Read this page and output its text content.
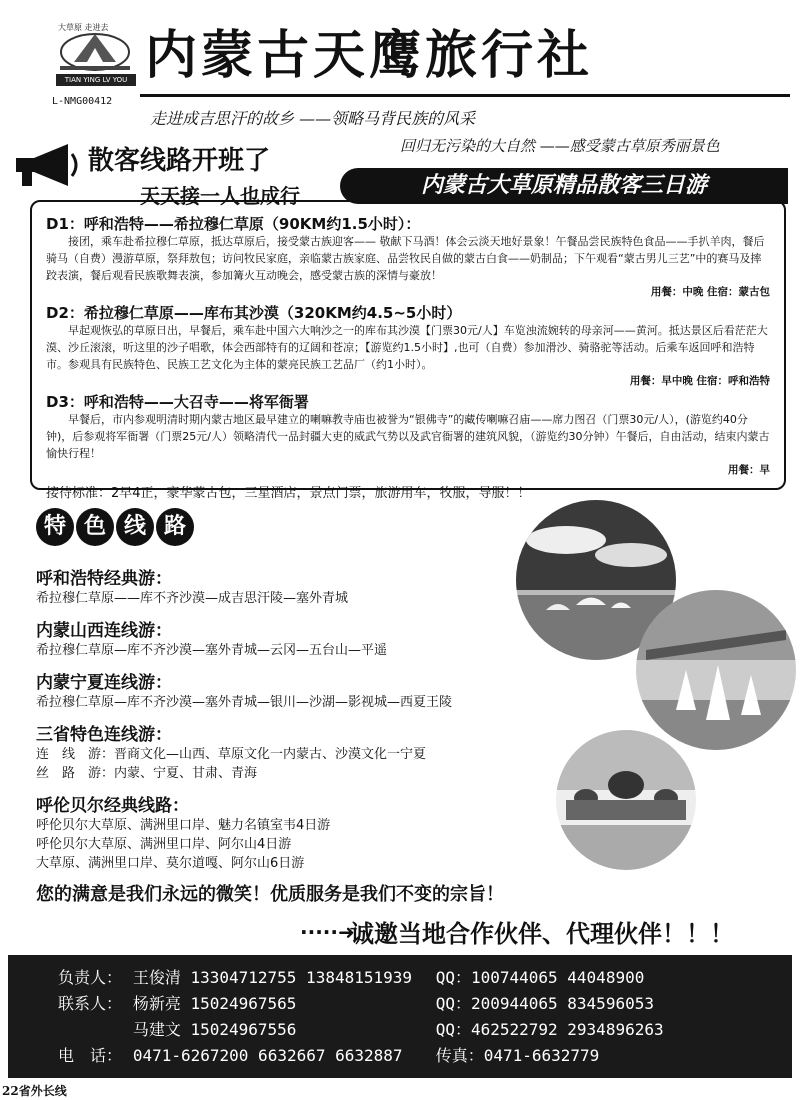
TIAN YING LV YOU
大草原 走进去
L-NMG00412
内蒙古天鹰旅行社
走进成吉思汗的故乡 ——领略马背民族的风采
回归无污染的大自然 ——感受蒙古草原秀丽景色
散客线路开班了
天天接一人也成行	内蒙古大草原精品散客三日游
D1：呼和浩特——希拉穆仁草原（90KM约1.5小时）：
接团，乘车赴希拉穆仁草原，抵达草原后，接受蒙古族迎客—— 敬献下马酒！体会云淡天地好景象！午餐品尝民族特色食品——手扒羊肉，餐后骑马（自费）漫游草原，祭拜敖包；访问牧民家庭，亲临蒙古族家庭、品尝牧民自做的蒙古白食——奶制品；下午观看“蒙古男儿三艺”中的赛马及摔跤表演，餐后观看民族歌舞表演，参加篝火互动晚会，感受蒙古族的深情与豪放！
用餐：中晚 住宿：蒙古包
D2：希拉穆仁草原——库布其沙漠（320KM约4.5~5小时）
早起观恢弘的草原日出，早餐后，乘车赴中国六大响沙之一的库布其沙漠【门票30元/人】车览浊流婉转的母亲河——黄河。抵达景区后看茫茫大漠、沙丘滚滚，听这里的沙子唱歌，体会西部特有的辽阔和苍凉；【游览约1.5小时】,也可（自费）参加滑沙、骑骆驼等活动。后乘车返回呼和浩特市。参观具有民族特色、民族工艺文化为主体的蒙亮民族工艺品厂（约1小时）。
用餐：早中晚 住宿：呼和浩特
D3：呼和浩特——大召寺——将军衙署
早餐后，市内参观明清时期内蒙古地区最早建立的喇嘛教寺庙也被誉为“银佛寺”的藏传喇嘛召庙——席力图召（门票30元/人），(游览约40分钟)，后参观将军衙署（门票25元/人）领略清代一品封疆大吏的威武气势以及武官衙署的建筑风貌，（游览约30分钟）午餐后，自由活动，结束内蒙古愉快行程！
用餐：早
接待标准：2早4正，豪华蒙古包，三星酒店，景点门票，旅游用车，牧服，导服！！
特 色 线 路
呼和浩特经典游：
希拉穆仁草原——库不齐沙漠—成吉思汗陵—塞外青城
内蒙山西连线游：
希拉穆仁草原—库不齐沙漠—塞外青城—云冈—五台山—平遥
内蒙宁夏连线游：
希拉穆仁草原—库不齐沙漠—塞外青城—银川—沙湖—影视城—西夏王陵
三省特色连线游：
连　线　游：晋商文化—山西、草原文化一内蒙古、沙漠文化一宁夏
丝　路　游：内蒙、宁夏、甘肃、青海
呼伦贝尔经典线路：
呼伦贝尔大草原、满洲里口岸、魅力名镇室韦4日游
呼伦贝尔大草原、满洲里口岸、阿尔山4日游
大草原、满洲里口岸、莫尔道嘎、阿尔山6日游
您的满意是我们永远的微笑！优质服务是我们不变的宗旨！
·····➜
诚邀当地合作伙伴、代理伙伴！！！
负责人： 王俊清 13304712755 13848151939	QQ：100744065 44048900
联系人： 杨新亮 15024967565	QQ：200944065 834596053
马建文 15024967556	QQ：462522792 2934896263
电　话： 0471-6267200 6632667 6632887	传真：0471-6632779
22省外长线
